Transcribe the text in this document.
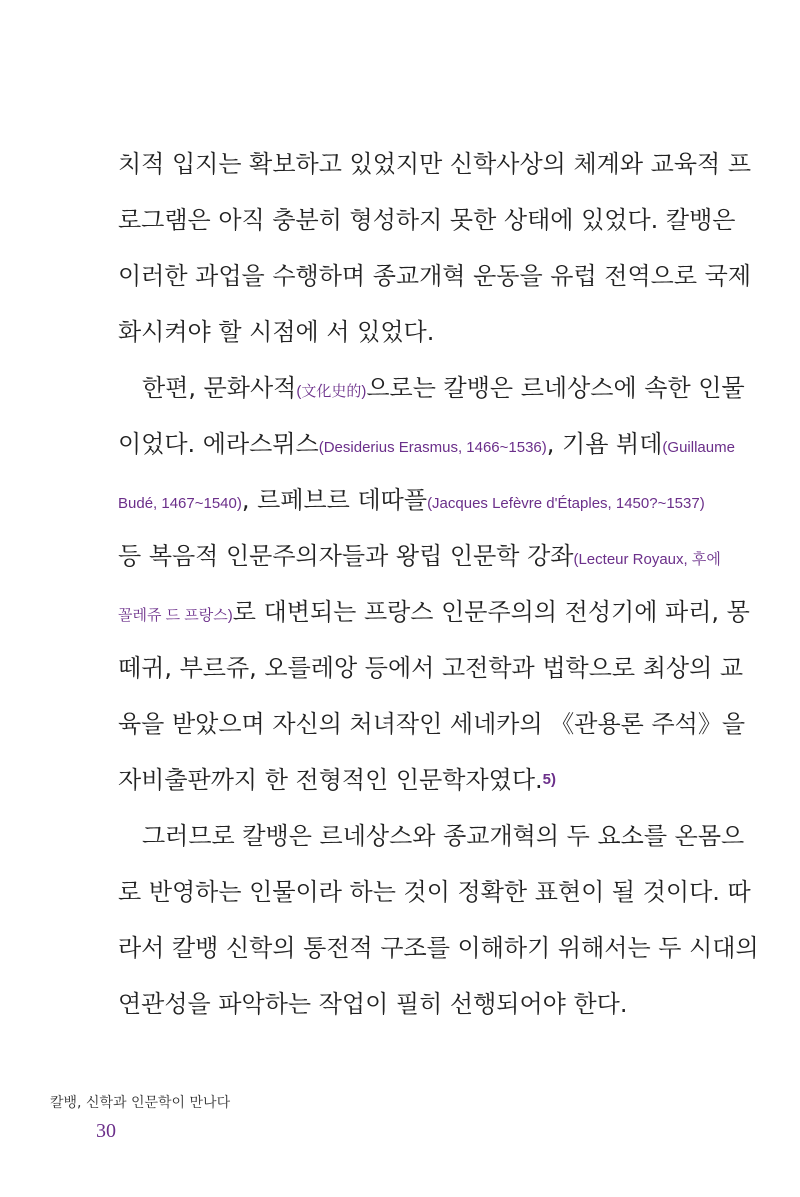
치적 입지는 확보하고 있었지만 신학사상의 체계와 교육적 프
로그램은 아직 충분히 형성하지 못한 상태에 있었다. 칼뱅은
이러한 과업을 수행하며 종교개혁 운동을 유럽 전역으로 국제
화시켜야 할 시점에 서 있었다.
한편, 문화사적(文化史的)으로는 칼뱅은 르네상스에 속한 인물
이었다. 에라스뮈스(Desiderius Erasmus, 1466~1536), 기욤 뷔데(Guillaume
Budé, 1467~1540), 르페브르 데따플(Jacques Lefèvre d'Étaples, 1450?~1537)
등 복음적 인문주의자들과 왕립 인문학 강좌(Lecteur Royaux, 후에
꼴레쥬 드 프랑스)로 대변되는 프랑스 인문주의의 전성기에 파리, 몽
떼귀, 부르쥬, 오를레앙 등에서 고전학과 법학으로 최상의 교
육을 받았으며 자신의 처녀작인 세네카의 《관용론 주석》을
자비출판까지 한 전형적인 인문학자였다.5)
그러므로 칼뱅은 르네상스와 종교개혁의 두 요소를 온몸으
로 반영하는 인물이라 하는 것이 정확한 표현이 될 것이다. 따
라서 칼뱅 신학의 통전적 구조를 이해하기 위해서는 두 시대의
연관성을 파악하는 작업이 필히 선행되어야 한다.
칼뱅, 신학과 인문학이 만나다
30
